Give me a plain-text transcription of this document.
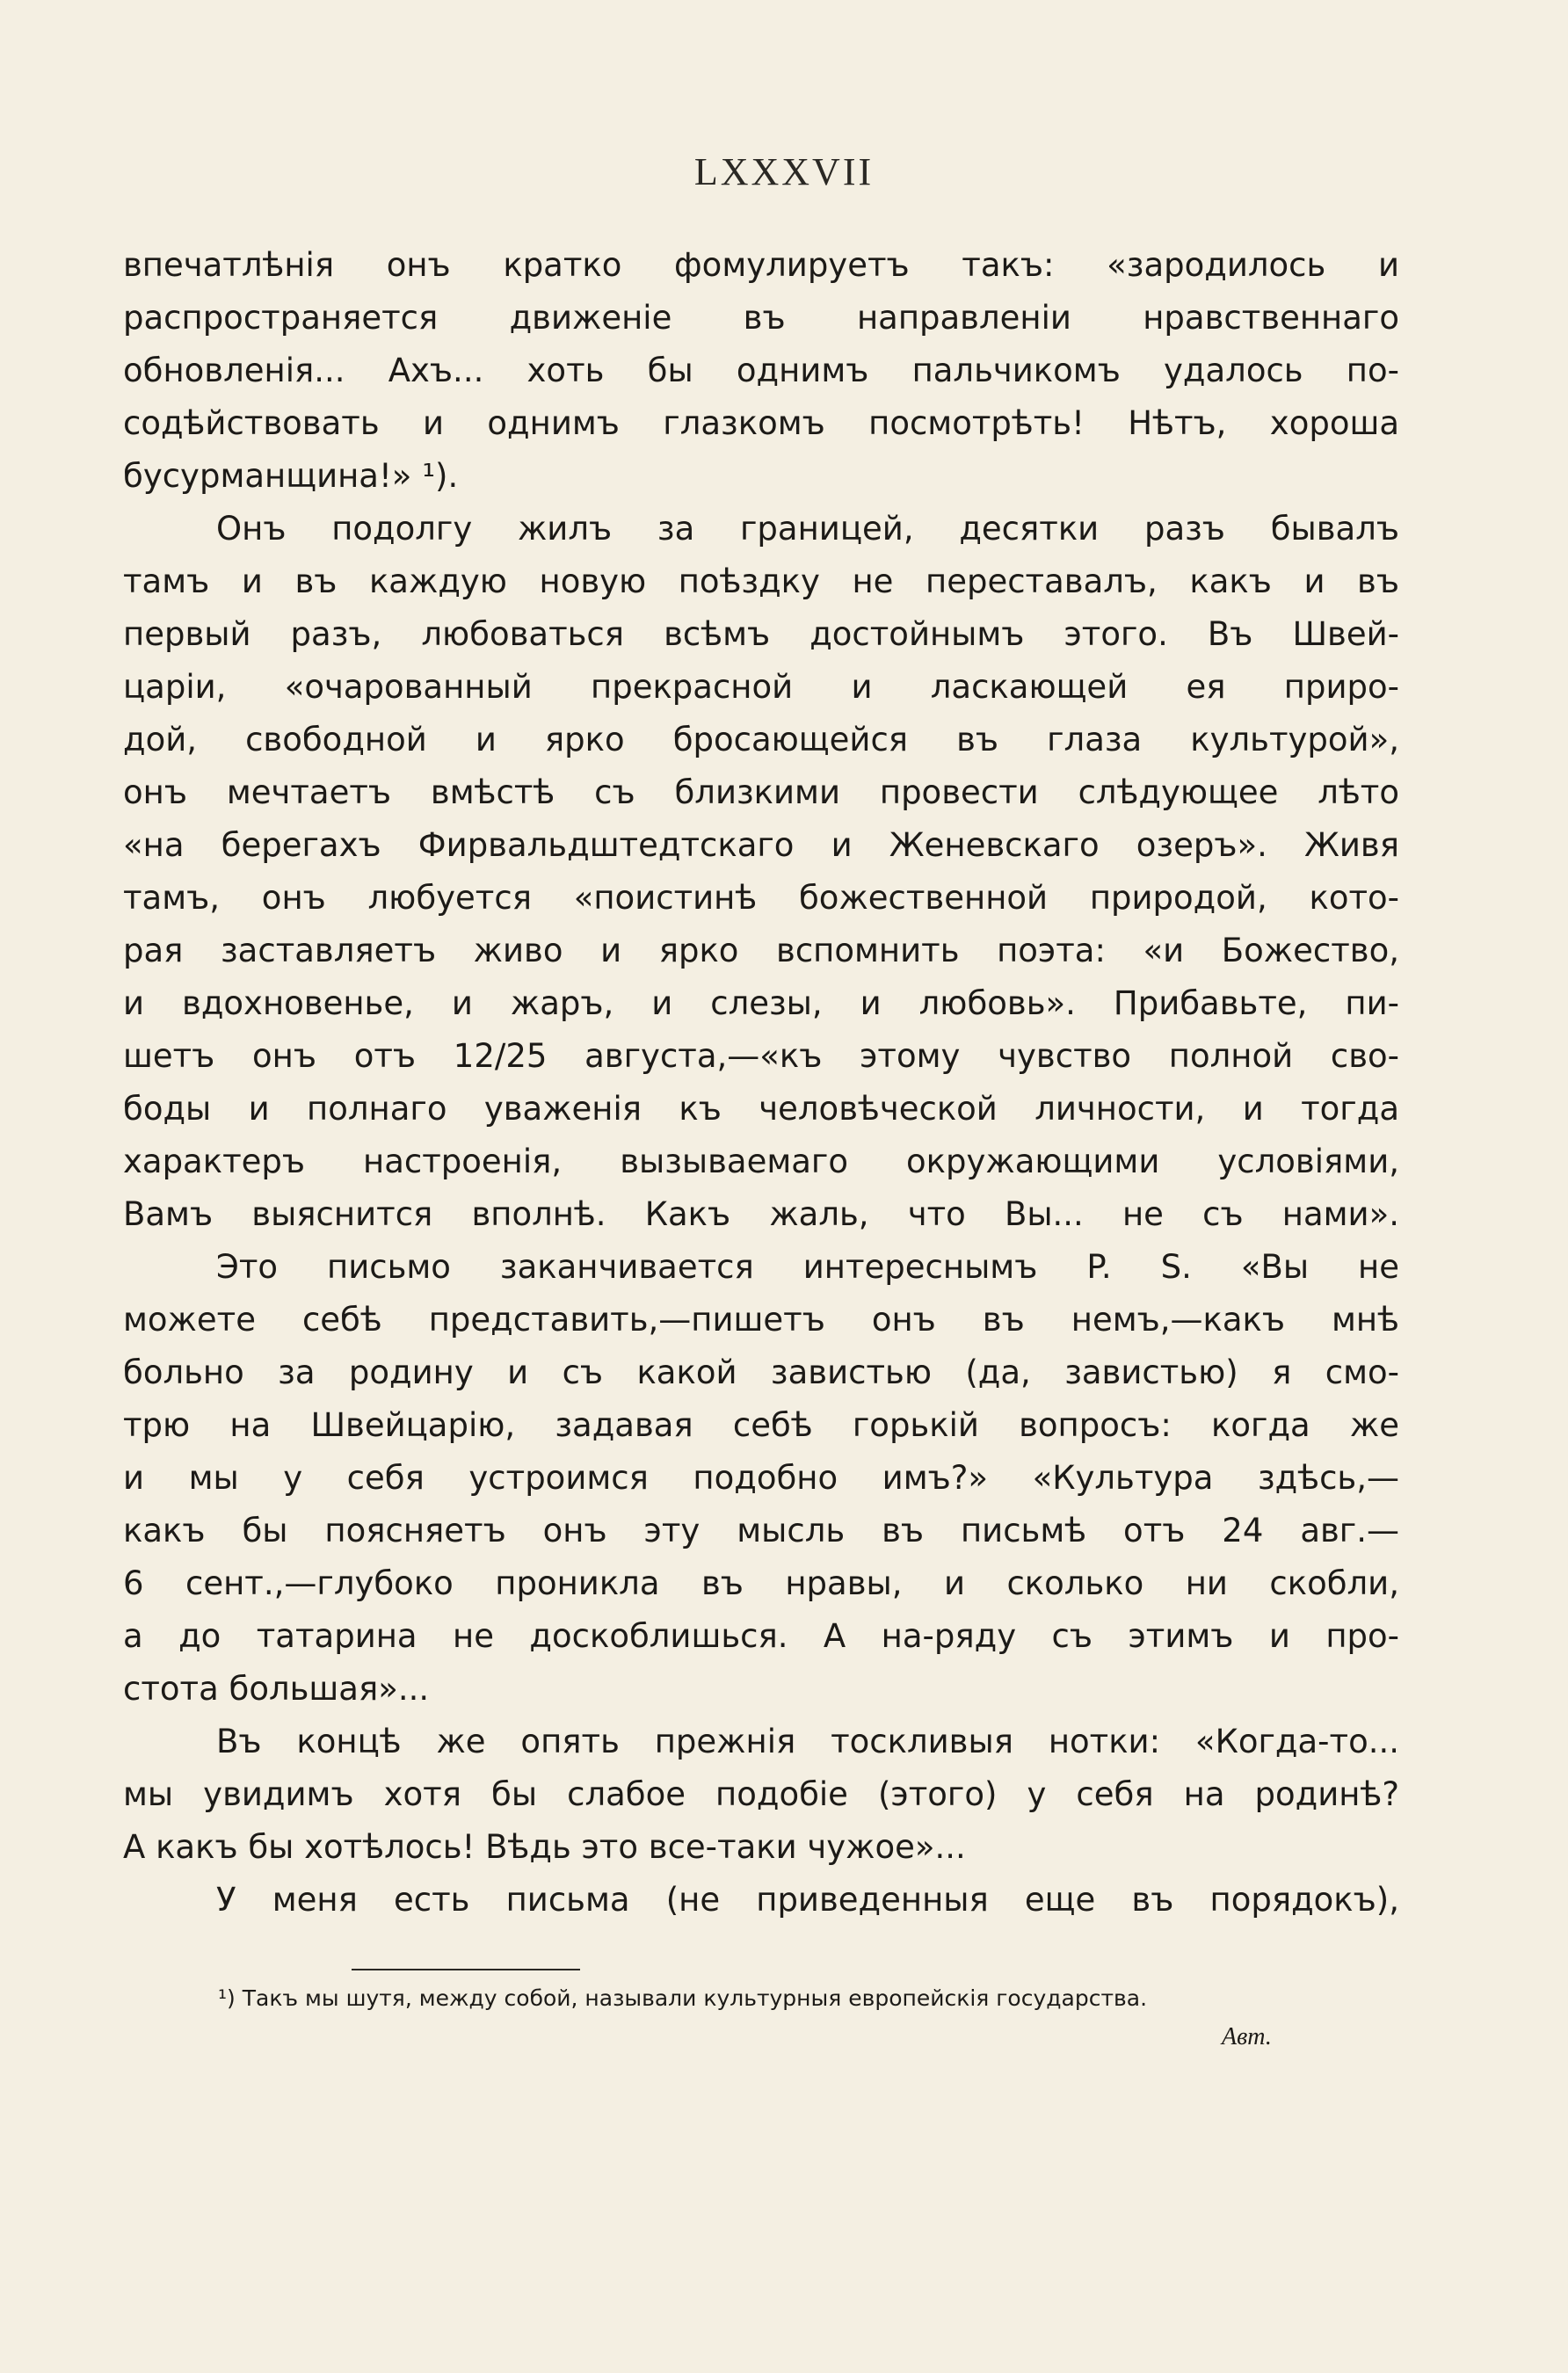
LXXXVII
впечатлѣнія онъ кратко фомулируетъ такъ: «зародилось и
распространяется движеніе въ направленіи нравственнаго
обновленія... Ахъ... хоть бы однимъ пальчикомъ удалось по-
содѣйствовать и однимъ глазкомъ посмотрѣть! Нѣтъ, хороша
бусурманщина!» ¹).
Онъ подолгу жилъ за границей, десятки разъ бывалъ
тамъ и въ каждую новую поѣздку не переставалъ, какъ и въ
первый разъ, любоваться всѣмъ достойнымъ этого. Въ Швей-
царіи, «очарованный прекрасной и ласкающей ея приро-
дой, свободной и ярко бросающейся въ глаза культурой»,
онъ мечтаетъ вмѣстѣ съ близкими провести слѣдующее лѣто
«на берегахъ Фирвальдштедтскаго и Женевскаго озеръ». Живя
тамъ, онъ любуется «поистинѣ божественной природой, кото-
рая заставляетъ живо и ярко вспомнить поэта: «и Божество,
и вдохновенье, и жаръ, и слезы, и любовь». Прибавьте, пи-
шетъ онъ отъ 12/25 августа,—«къ этому чувство полной сво-
боды и полнаго уваженія къ человѣческой личности, и тогда
характеръ настроенія, вызываемаго окружающими условіями,
Вамъ выяснится вполнѣ. Какъ жаль, что Вы... не съ нами».
Это письмо заканчивается интереснымъ P. S. «Вы не
можете себѣ представить,—пишетъ онъ въ немъ,—какъ мнѣ
больно за родину и съ какой завистью (да, завистью) я смо-
трю на Швейцарію, задавая себѣ горькій вопросъ: когда же
и мы у себя устроимся подобно имъ?» «Культура здѣсь,—
какъ бы поясняетъ онъ эту мысль въ письмѣ отъ 24 авг.—
6 сент.,—глубоко проникла въ нравы, и сколько ни скобли,
а до татарина не доскоблишься. А на-ряду съ этимъ и про-
стота большая»...
Въ концѣ же опять прежнія тоскливыя нотки: «Когда-то...
мы увидимъ хотя бы слабое подобіе (этого) у себя на родинѣ?
А какъ бы хотѣлось! Вѣдь это все-таки чужое»...
У меня есть письма (не приведенныя еще въ порядокъ),
¹) Такъ мы шутя, между собой, называли культурныя европейскія государства.
Авт.
